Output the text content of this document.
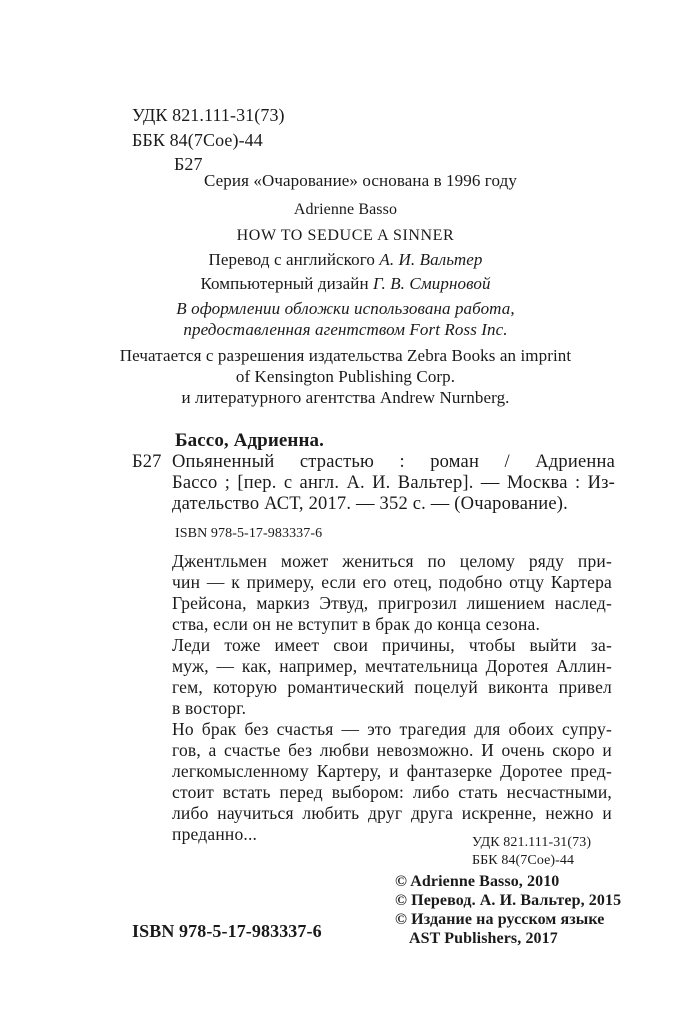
УДК 821.111-31(73)
ББК 84(7Сое)-44
Б27
Серия «Очарование» основана в 1996 году
Adrienne Basso
HOW TO SEDUCE A SINNER
Перевод с английского А. И. Вальтер
Компьютерный дизайн Г. В. Смирновой
В оформлении обложки использована работа,
предоставленная агентством Fort Ross Inc.
Печатается с разрешения издательства Zebra Books an imprint
of Kensington Publishing Corp.
и литературного агентства Andrew Nurnberg.
Бассо, Адриенна.
Б27 Опьяненный страстью : роман / Адриенна
Бассо ; [пер. с англ. А. И. Вальтер]. — Москва : Из-
дательство АСТ, 2017. — 352 с. — (Очарование).
ISBN 978-5-17-983337-6
Джентльмен может жениться по целому ряду при-
чин — к примеру, если его отец, подобно отцу Картера
Грейсона, маркиз Этвуд, пригрозил лишением наслед-
ства, если он не вступит в брак до конца сезона.
Леди тоже имеет свои причины, чтобы выйти за-
муж, — как, например, мечтательница Доротея Аллин-
гем, которую романтический поцелуй виконта привел
в восторг.
Но брак без счастья — это трагедия для обоих супру-
гов, а счастье без любви невозможно. И очень скоро и
легкомысленному Картеру, и фантазерке Доротее пред-
стоит встать перед выбором: либо стать несчастными,
либо научиться любить друг друга искренне, нежно и
преданно...	УДК 821.111-31(73)
ББК 84(7Сое)-44
© Adrienne Basso, 2010
© Перевод. А. И. Вальтер, 2015
© Издание на русском языке
AST Publishers, 2017
ISBN 978-5-17-983337-6
